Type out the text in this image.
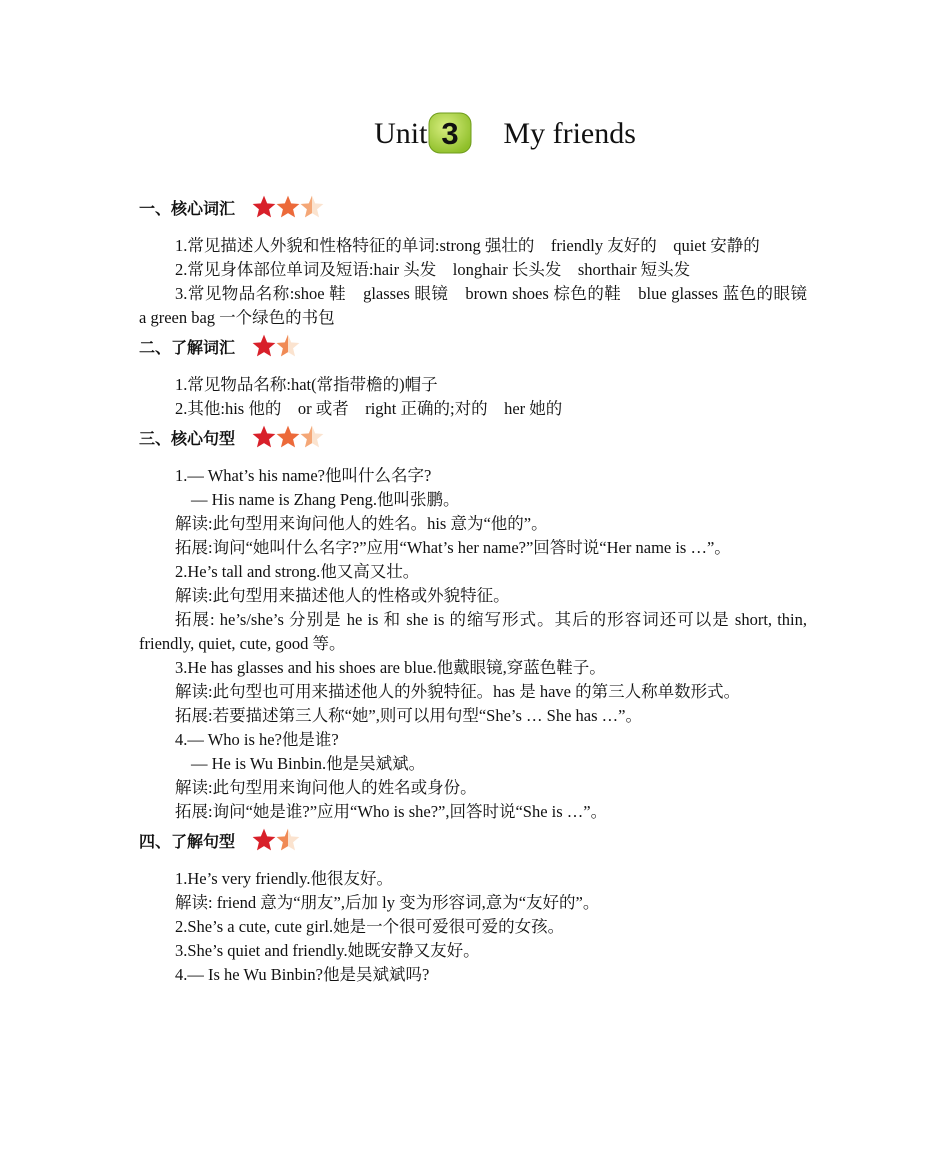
Unit 3 My friends
一、核心词汇
1.常见描述人外貌和性格特征的单词:strong 强壮的　friendly 友好的　quiet 安静的
2.常见身体部位单词及短语:hair 头发　longhair 长头发　shorthair 短头发
3.常见物品名称:shoe 鞋　glasses 眼镜　brown shoes 棕色的鞋　blue glasses 蓝色的眼镜　a green bag 一个绿色的书包
二、了解词汇
1.常见物品名称:hat(常指带檐的)帽子
2.其他:his 他的　or 或者　right 正确的;对的　her 她的
三、核心句型
1.— What’s his name?他叫什么名字?
— His name is Zhang Peng.他叫张鹏。
解读:此句型用来询问他人的姓名。his 意为“他的”。
拓展:询问“她叫什么名字?”应用“What’s her name?”回答时说“Her name is …”。
2.He’s tall and strong.他又高又壮。
解读:此句型用来描述他人的性格或外貌特征。
拓展: he’s/she’s 分别是 he is 和 she is 的缩写形式。其后的形容词还可以是 short, thin, friendly, quiet, cute, good 等。
3.He has glasses and his shoes are blue.他戴眼镜,穿蓝色鞋子。
解读:此句型也可用来描述他人的外貌特征。has 是 have 的第三人称单数形式。
拓展:若要描述第三人称“她”,则可以用句型“She’s … She has …”。
4.— Who is he?他是谁?
— He is Wu Binbin.他是吴斌斌。
解读:此句型用来询问他人的姓名或身份。
拓展:询问“她是谁?”应用“Who is she?”,回答时说“She is …”。
四、了解句型
1.He’s very friendly.他很友好。
解读: friend 意为“朋友”,后加 ly 变为形容词,意为“友好的”。
2.She’s a cute, cute girl.她是一个很可爱很可爱的女孩。
3.She’s quiet and friendly.她既安静又友好。
4.— Is he Wu Binbin?他是吴斌斌吗?
